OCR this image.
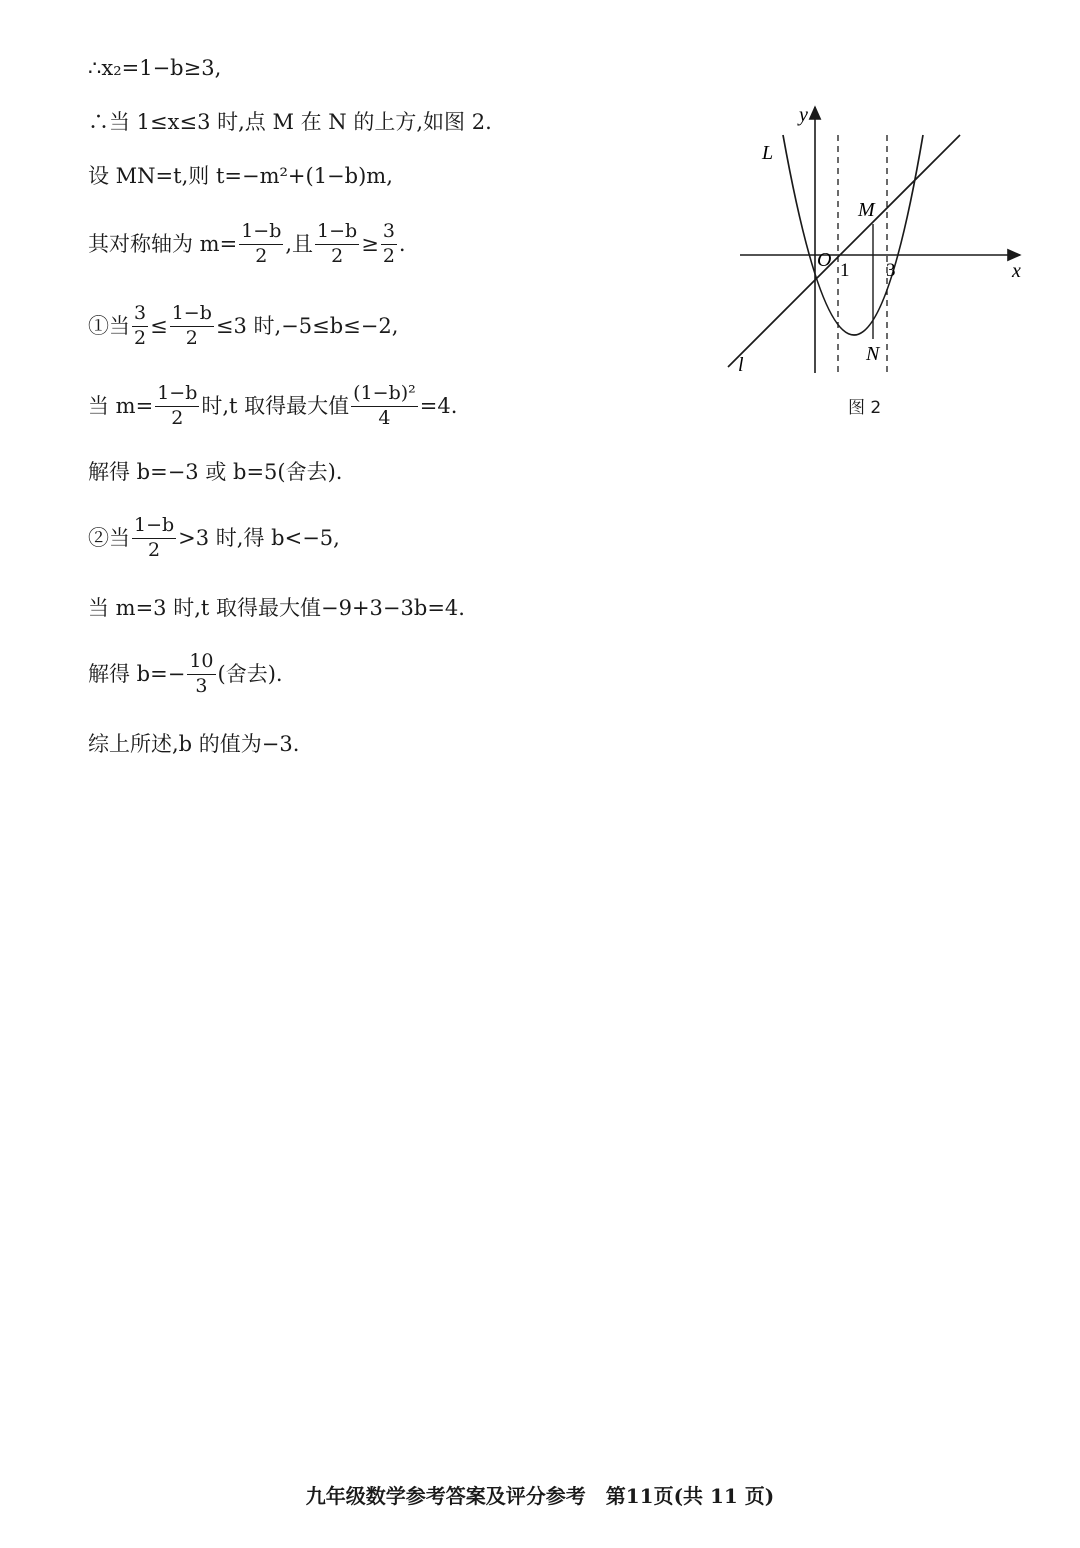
∴x₂=1−b≥3,
∴当 1≤x≤3 时,点 M 在 N 的上方,如图 2.
设 MN=t,则 t=−m²+(1−b)m,
其对称轴为 $m= \frac{1-b}{2}$ ,且 $\frac{1-b}{2} \ge \frac{3}{2}$ .
①当 $\frac{3}{2} \le \frac{1-b}{2} \le 3$ 时,−5≤b≤−2,
当 $m= \frac{1-b}{2}$ 时,t 取得最大值 $\frac{\text{(1−b)²}}{4} =4$.
解得 b=−3 或 b=5(舍去).
②当 $\frac{1-b}{2} >3$ 时,得 b<−5,
当 m=3 时,t 取得最大值−9+3−3b=4.
解得 $b=- \frac{10}{3}$ (舍去).
综上所述,b 的值为−3.
y
x
L
l
M
N
O 1 3
图 2
九年级数学参考答案及评分参考　第11页(共 11 页)
